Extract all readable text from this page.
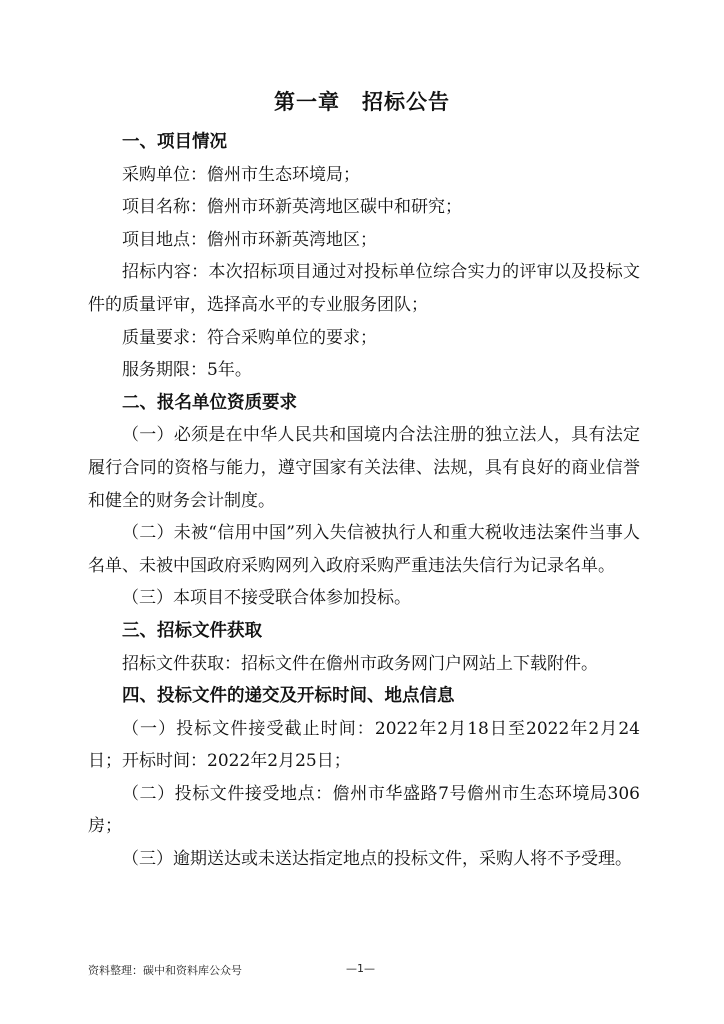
第一章　招标公告
一、项目情况

采购单位：儋州市生态环境局；

项目名称：儋州市环新英湾地区碳中和研究；

项目地点：儋州市环新英湾地区；

招标内容：本次招标项目通过对投标单位综合实力的评审以及投标文件的质量评审，选择高水平的专业服务团队；

质量要求：符合采购单位的要求；

服务期限：5年。

二、报名单位资质要求

（一）必须是在中华人民共和国境内合法注册的独立法人，具有法定履行合同的资格与能力，遵守国家有关法律、法规，具有良好的商业信誉和健全的财务会计制度。

（二）未被“信用中国”列入失信被执行人和重大税收违法案件当事人名单、未被中国政府采购网列入政府采购严重违法失信行为记录名单。

（三）本项目不接受联合体参加投标。

三、招标文件获取

招标文件获取：招标文件在儋州市政务网门户网站上下载附件。

四、投标文件的递交及开标时间、地点信息

（一）投标文件接受截止时间：2022年2月18日至2022年2月24日；开标时间：2022年2月25日；

（二）投标文件接受地点：儋州市华盛路7号儋州市生态环境局306房；

（三）逾期送达或未送达指定地点的投标文件，采购人将不予受理。

资料整理：碳中和资料库公众号	—1—
